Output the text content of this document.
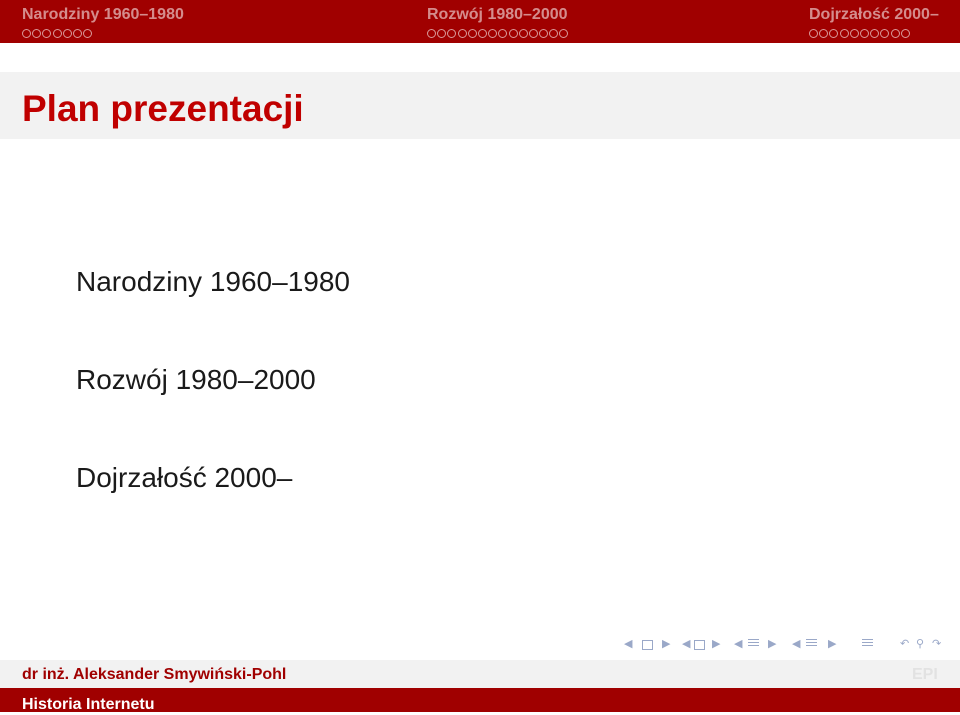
Narodziny 1960–1980	Rozwój 1980–2000	Dojrzałość 2000–
Plan prezentacji
Narodziny 1960–1980
Rozwój 1980–2000
Dojrzałość 2000–
◀	▶ ◀ ▶ ◀ ▶ ◀	▶	↶ ⚲ ↷
dr inż. Aleksander Smywiński-Pohl	EPI
Historia Internetu
